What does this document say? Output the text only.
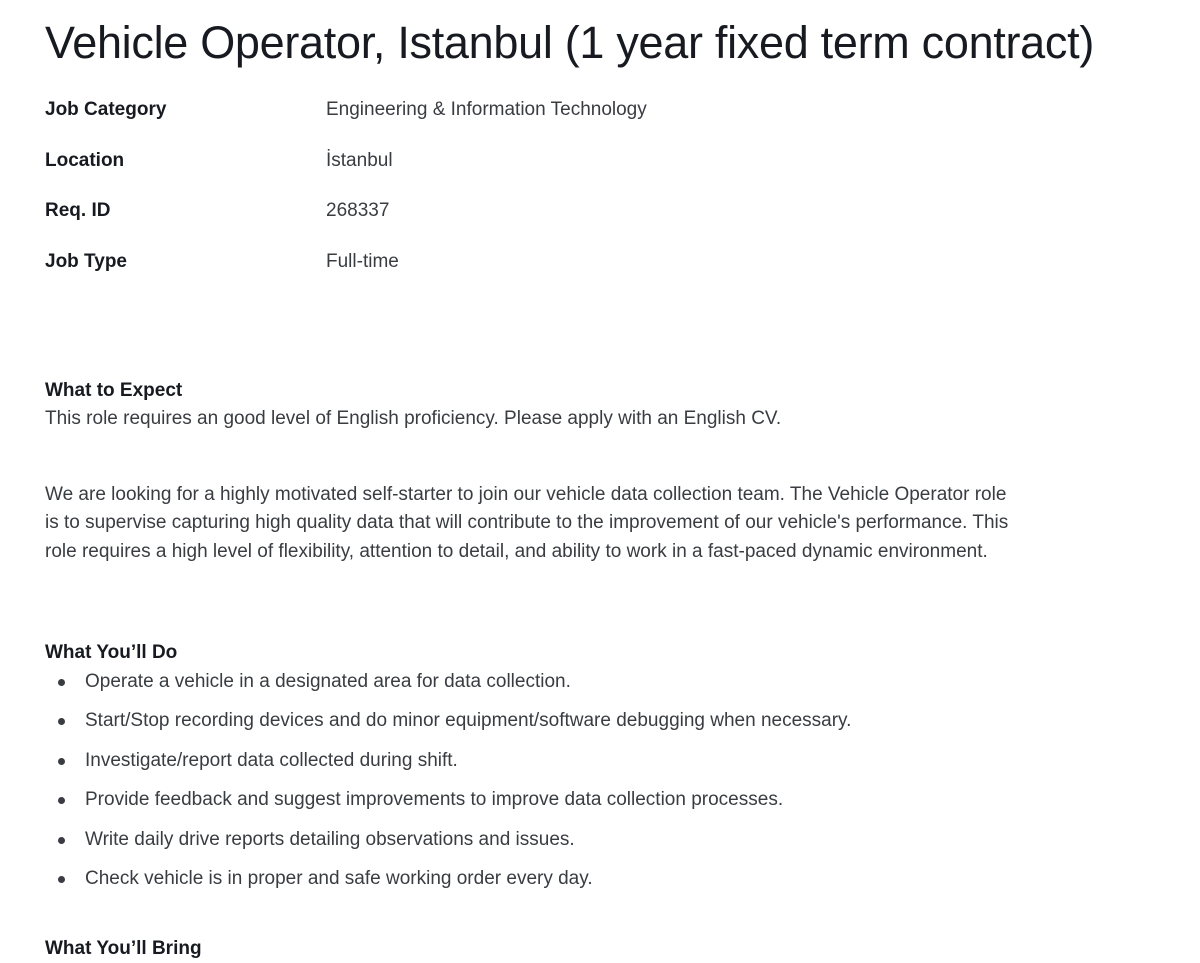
Vehicle Operator, Istanbul (1 year fixed term contract)
Job Category	Engineering & Information Technology
Location	İstanbul
Req. ID	268337
Job Type	Full-time
What to Expect

This role requires an good level of English proficiency. Please apply with an English CV.

We are looking for a highly motivated self-starter to join our vehicle data collection team. The Vehicle Operator role is to supervise capturing high quality data that will contribute to the improvement of our vehicle's performance. This role requires a high level of flexibility, attention to detail, and ability to work in a fast-paced dynamic environment.

What You’ll Do
Operate a vehicle in a designated area for data collection.
Start/Stop recording devices and do minor equipment/software debugging when necessary.
Investigate/report data collected during shift.
Provide feedback and suggest improvements to improve data collection processes.
Write daily drive reports detailing observations and issues.
Check vehicle is in proper and safe working order every day.
What You’ll Bring
